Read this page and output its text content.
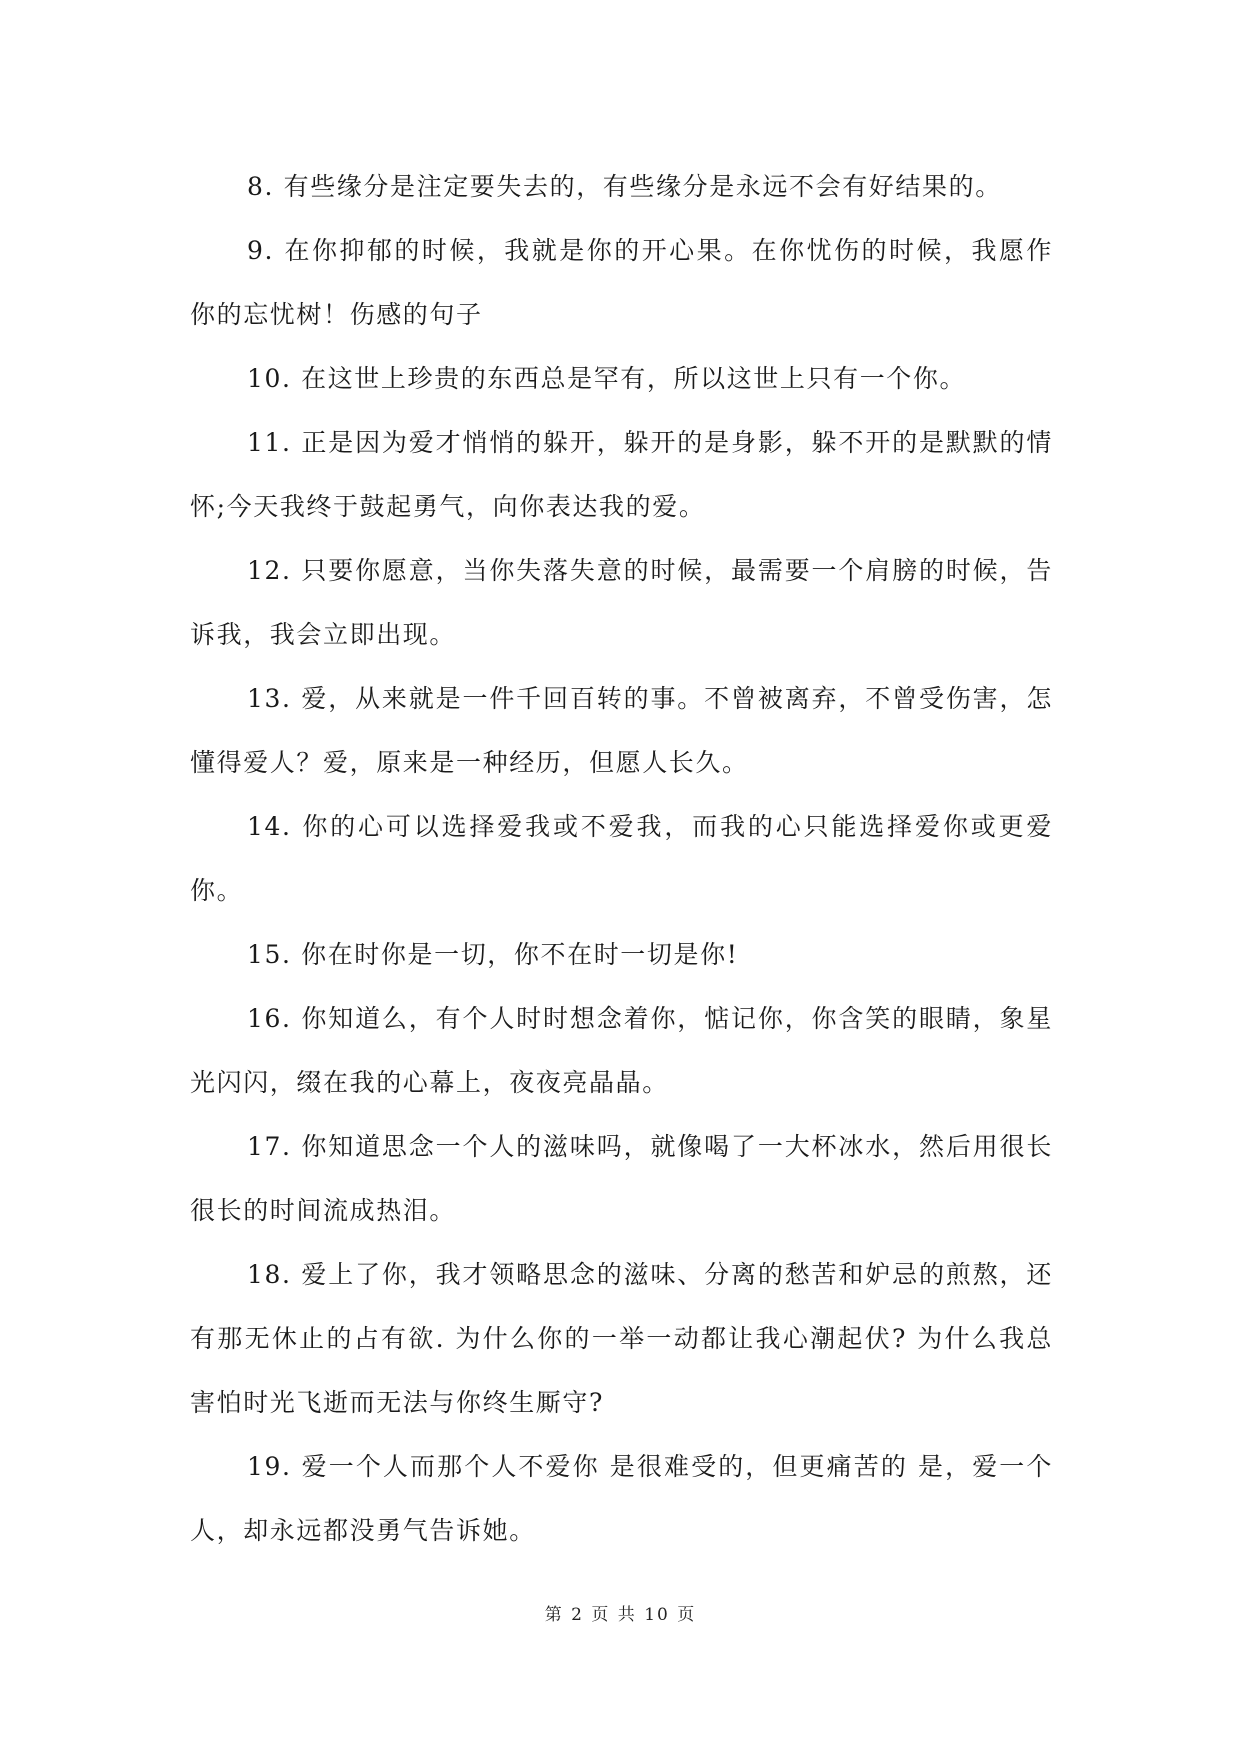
8. 有些缘分是注定要失去的，有些缘分是永远不会有好结果的。

9. 在你抑郁的时候，我就是你的开心果。在你忧伤的时候，我愿作你的忘忧树！伤感的句子

10. 在这世上珍贵的东西总是罕有，所以这世上只有一个你。

11. 正是因为爱才悄悄的躲开，躲开的是身影，躲不开的是默默的情怀;今天我终于鼓起勇气，向你表达我的爱。

12. 只要你愿意，当你失落失意的时候，最需要一个肩膀的时候，告诉我，我会立即出现。

13. 爱，从来就是一件千回百转的事。不曾被离弃，不曾受伤害，怎懂得爱人？爱，原来是一种经历，但愿人长久。

14. 你的心可以选择爱我或不爱我，而我的心只能选择爱你或更爱你。

15. 你在时你是一切，你不在时一切是你!

16. 你知道么，有个人时时想念着你，惦记你，你含笑的眼睛，象星光闪闪，缀在我的心幕上，夜夜亮晶晶。

17. 你知道思念一个人的滋味吗，就像喝了一大杯冰水，然后用很长很长的时间流成热泪。

18. 爱上了你，我才领略思念的滋味、分离的愁苦和妒忌的煎熬，还有那无休止的占有欲. 为什么你的一举一动都让我心潮起伏? 为什么我总害怕时光飞逝而无法与你终生厮守?

19. 爱一个人而那个人不爱你 是很难受的，但更痛苦的 是，爱一个人，却永远都没勇气告诉她。

第 2 页 共 10 页
